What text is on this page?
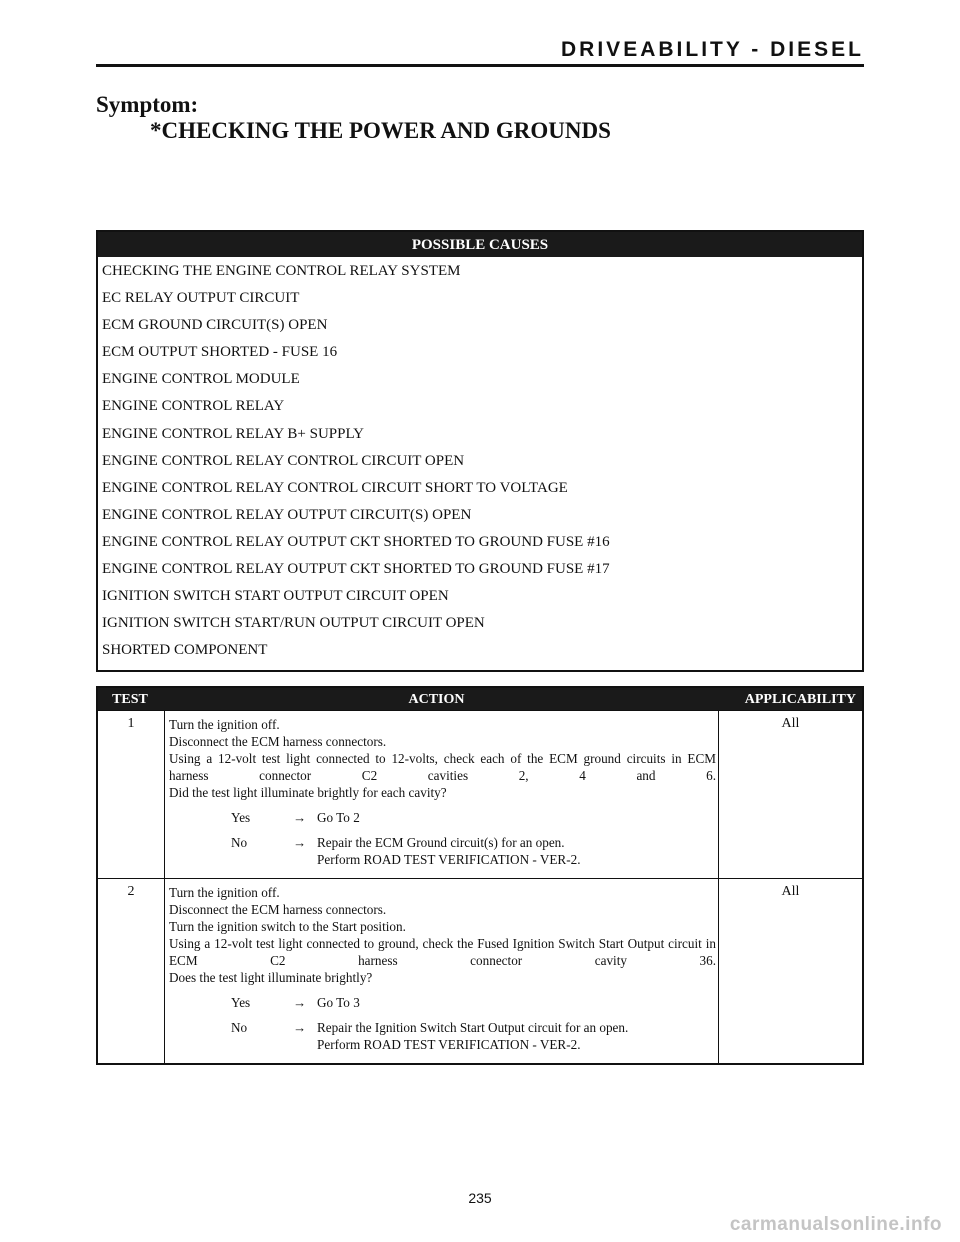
DRIVEABILITY - DIESEL
Symptom:
*CHECKING THE POWER AND GROUNDS
POSSIBLE CAUSES
CHECKING THE ENGINE CONTROL RELAY SYSTEM
EC RELAY OUTPUT CIRCUIT
ECM GROUND CIRCUIT(S) OPEN
ECM OUTPUT SHORTED - FUSE 16
ENGINE CONTROL MODULE
ENGINE CONTROL RELAY
ENGINE CONTROL RELAY B+ SUPPLY
ENGINE CONTROL RELAY CONTROL CIRCUIT OPEN
ENGINE CONTROL RELAY CONTROL CIRCUIT SHORT TO VOLTAGE
ENGINE CONTROL RELAY OUTPUT CIRCUIT(S) OPEN
ENGINE CONTROL RELAY OUTPUT CKT SHORTED TO GROUND FUSE #16
ENGINE CONTROL RELAY OUTPUT CKT SHORTED TO GROUND FUSE #17
IGNITION SWITCH START OUTPUT CIRCUIT OPEN
IGNITION SWITCH START/RUN OUTPUT CIRCUIT OPEN
SHORTED COMPONENT
TEST	ACTION	APPLICABILITY
1	Turn the ignition off.
Disconnect the ECM harness connectors.
Using a 12-volt test light connected to 12-volts, check each of the ECM ground circuits in ECM harness connector C2 cavities 2, 4 and 6.
Did the test light illuminate brightly for each cavity?
Yes	→ Go To 2
No	→ Repair the ECM Ground circuit(s) for an open.
Perform ROAD TEST VERIFICATION - VER-2.
All
2	Turn the ignition off.
Disconnect the ECM harness connectors.
Turn the ignition switch to the Start position.
Using a 12-volt test light connected to ground, check the Fused Ignition Switch Start Output circuit in ECM C2 harness connector cavity 36.
Does the test light illuminate brightly?
Yes	→ Go To 3
No	→ Repair the Ignition Switch Start Output circuit for an open.
Perform ROAD TEST VERIFICATION - VER-2.
All
235
carmanualsonline.info
